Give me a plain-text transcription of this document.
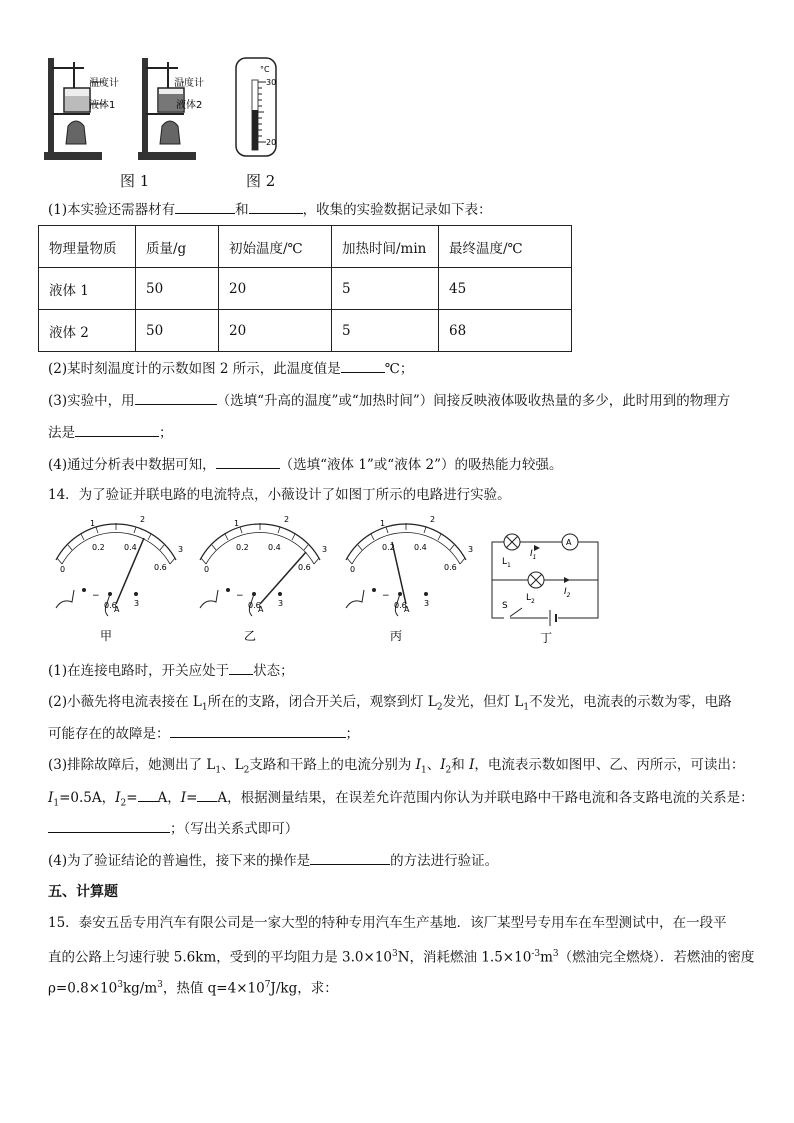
温度计
液体1
温度计
液体2
°C
30
20
图 1	图 2
(1)本实验还需器材有	和	，收集的实验数据记录如下表：
物理量物质	质量/g	初始温度/℃	加热时间/min	最终温度/℃
液体 1	50	20	5	45
液体 2	50	20	5	68
(2)某时刻温度计的示数如图 2 所示，此温度值是	℃；
(3)实验中，用	（选填“升高的温度”或“加热时间”）间接反映液体吸收热量的多少，此时用到的物理方
法是	；
(4)通过分析表中数据可知，	（选填“液体 1”或“液体 2”）的吸热能力较强。
14．为了验证并联电路的电流特点，小薇设计了如图丁所示的电路进行实验。
1	2
3
0.2 0.4
0.6
0
−
0.6
A
3
甲
1	2
3
0.2 0.4
0.6
0
−
0.6
A
3
乙
1	2
3
0.2 0.4
0.6
0
−
0.6
A
3
丙
A
$L_1$
$I_1$
$L_2$
$I_2$
S
丁
(1)在连接电路时，开关应处于 状态；
(2)小薇先将电流表接在 $L_1$所在的支路，闭合开关后，观察到灯 $L_2$发光，但灯 $L_1$不发光，电流表的示数为零，电路
可能存在的故障是：	；
(3)排除故障后，她测出了 $L_1$、$L_2$支路和干路上的电流分别为 $I_1$、$I_2$和 I，电流表示数如图甲、乙、丙所示，可读出：
$I_1=0.5A$，$I_2= A$，I= A，根据测量结果，在误差允许范围内你认为并联电路中干路电流和各支路电流的关系是：
；（写出关系式即可）
(4)为了验证结论的普遍性，接下来的操作是	的方法进行验证。
五、计算题
15．泰安五岳专用汽车有限公司是一家大型的特种专用汽车生产基地．该厂某型号专用车在车型测试中，在一段平
直的公路上匀速行驶 5.6km，受到的平均阻力是 $3.0\times 10^3N$，消耗燃油 $1.5\times 10^{-3}m^3$（燃油完全燃烧）．若燃油的密度
$\rho=0.8\times 10^3kg/m^3$，热值 $q=4\times 10^7J/kg$，求：
